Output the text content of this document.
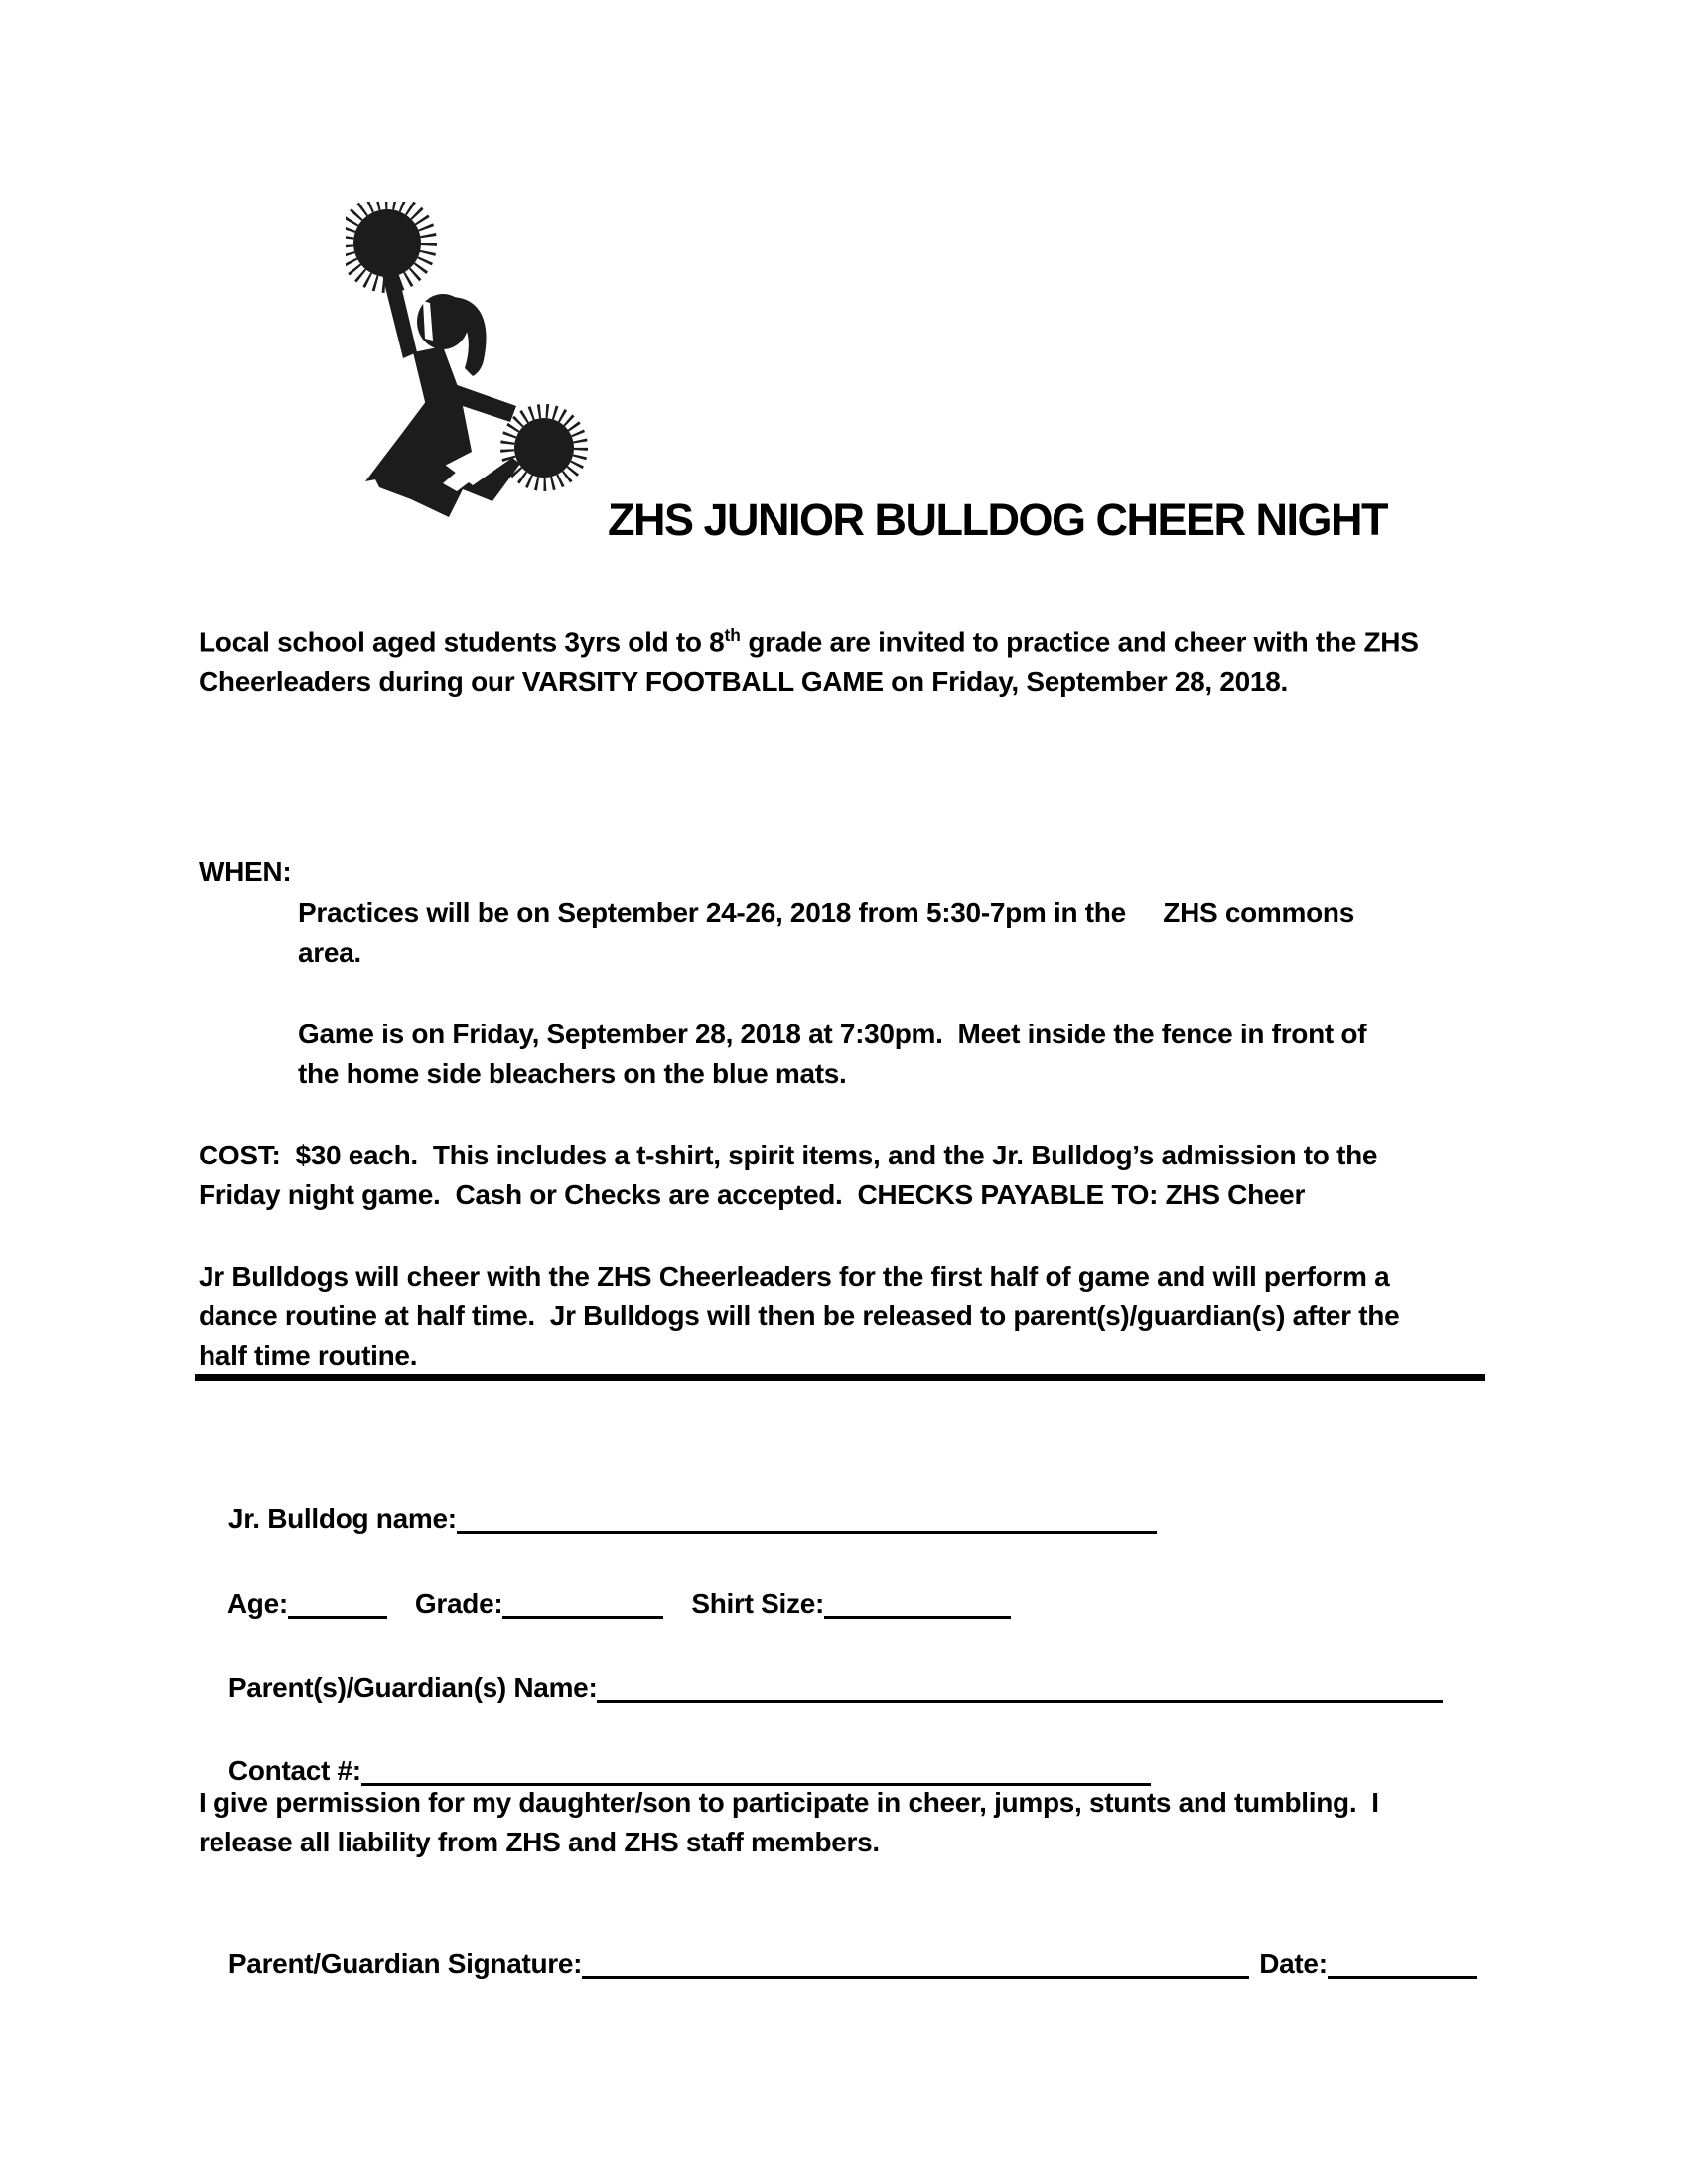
ZHS JUNIOR BULLDOG CHEER NIGHT
Local school aged students 3yrs old to 8th grade are invited to practice and cheer with the ZHS
Cheerleaders during our VARSITY FOOTBALL GAME on Friday, September 28, 2018.
WHEN:
Practices will be on September 24-26, 2018 from 5:30-7pm in the     ZHS commons
area.
Game is on Friday, September 28, 2018 at 7:30pm.  Meet inside the fence in front of
the home side bleachers on the blue mats.
COST:  $30 each.  This includes a t-shirt, spirit items, and the Jr. Bulldog’s admission to the
Friday night game.  Cash or Checks are accepted.  CHECKS PAYABLE TO: ZHS Cheer
Jr Bulldogs will cheer with the ZHS Cheerleaders for the first half of game and will perform a
dance routine at half time.  Jr Bulldogs will then be released to parent(s)/guardian(s) after the
half time routine.

Jr. Bulldog name:

Age:	Grade:	Shirt Size:

Parent(s)/Guardian(s) Name:

Contact #:

I give permission for my daughter/son to participate in cheer, jumps, stunts and tumbling.  I
release all liability from ZHS and ZHS staff members.

Parent/Guardian Signature:	Date:
